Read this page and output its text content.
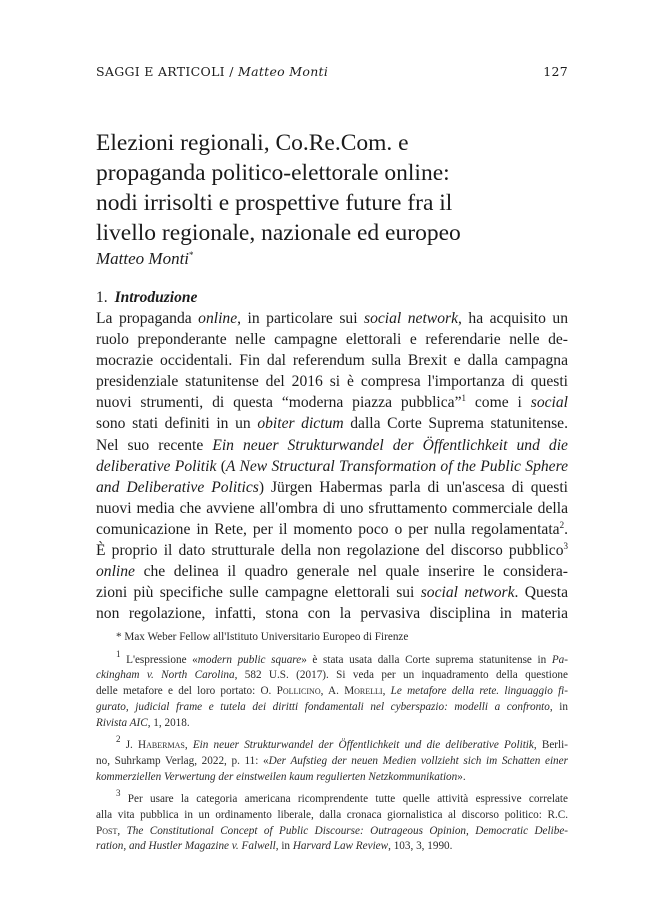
SAGGI E ARTICOLI / Matteo Monti	127
Elezioni regionali, Co.Re.Com. e
propaganda politico-elettorale online:
nodi irrisolti e prospettive future fra il
livello regionale, nazionale ed europeo
Matteo Monti*
1. Introduzione
La propaganda online, in particolare sui social network, ha acquisito un
ruolo preponderante nelle campagne elettorali e referendarie nelle de-
mocrazie occidentali. Fin dal referendum sulla Brexit e dalla campagna
presidenziale statunitense del 2016 si è compresa l'importanza di questi
nuovi strumenti, di questa “moderna piazza pubblica”$^1$ come i social
sono stati definiti in un obiter dictum dalla Corte Suprema statunitense.
Nel suo recente Ein neuer Strukturwandel der Öffentlichkeit und die
deliberative Politik (A New Structural Transformation of the Public Sphere
and Deliberative Politics) Jürgen Habermas parla di un'ascesa di questi
nuovi media che avviene all'ombra di uno sfruttamento commerciale della
comunicazione in Rete, per il momento poco o per nulla regolamentata$^2$.
È proprio il dato strutturale della non regolazione del discorso pubblico$^3$
online che delinea il quadro generale nel quale inserire le considera-
zioni più specifiche sulle campagne elettorali sui social network. Questa
non regolazione, infatti, stona con la pervasiva disciplina in materia
* Max Weber Fellow all'Istituto Universitario Europeo di Firenze
$^1$ L'espressione «modern public square» è stata usata dalla Corte suprema statunitense in Pa-
ckingham v. North Carolina, 582 U.S. (2017). Si veda per un inquadramento della questione
delle metafore e del loro portato: O. Pollicino, A. Morelli, Le metafore della rete. linguaggio fi-
gurato, judicial frame e tutela dei diritti fondamentali nel cyberspazio: modelli a confronto, in
Rivista AIC, 1, 2018.
$^2$ J. Habermas, Ein neuer Strukturwandel der Öffentlichkeit und die deliberative Politik, Berli-
no, Suhrkamp Verlag, 2022, p. 11: «Der Aufstieg der neuen Medien vollzieht sich im Schatten einer
kommerziellen Verwertung der einstweilen kaum regulierten Netzkommunikation».
$^3$ Per usare la categoria americana ricomprendente tutte quelle attività espressive correlate
alla vita pubblica in un ordinamento liberale, dalla cronaca giornalistica al discorso politico: R.C.
Post, The Constitutional Concept of Public Discourse: Outrageous Opinion, Democratic Delibe-
ration, and Hustler Magazine v. Falwell, in Harvard Law Review, 103, 3, 1990.
